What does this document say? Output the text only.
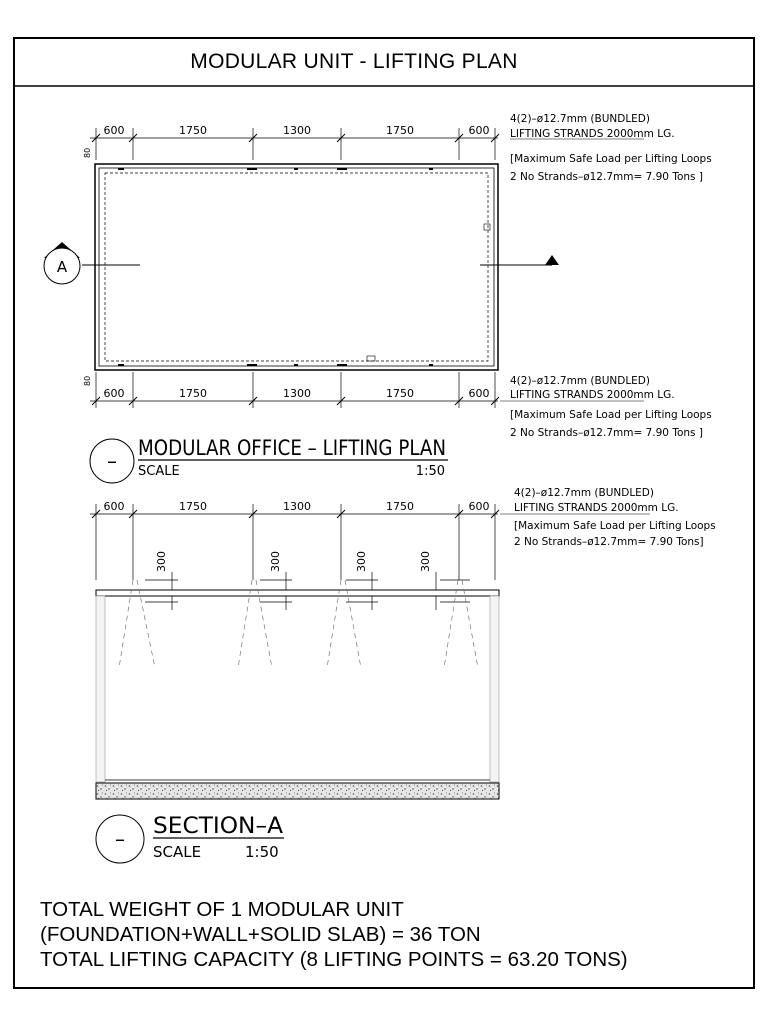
600	1750	1300	1750	600
80
A
600	1750	1300	1750	600
80
4(2)–ø12.7mm (BUNDLED)
LIFTING STRANDS 2000mm LG.
[Maximum Safe Load per Lifting Loops
2 No Strands–ø12.7mm= 7.90 Tons ]
4(2)–ø12.7mm (BUNDLED)
LIFTING STRANDS 2000mm LG.
[Maximum Safe Load per Lifting Loops
2 No Strands–ø12.7mm= 7.90 Tons ]
–
MODULAR OFFICE – LIFTING PLAN
SCALE	1:50
600	1750	1300	1750	600
300	300	300	300
4(2)–ø12.7mm (BUNDLED)
LIFTING STRANDS 2000mm LG.
[Maximum Safe Load per Lifting Loops
2 No Strands–ø12.7mm= 7.90 Tons]
– SECTION–A
SCALE	1:50
MODULAR UNIT - LIFTING PLAN
TOTAL WEIGHT OF 1 MODULAR UNIT
(FOUNDATION+WALL+SOLID SLAB) = 36 TON
TOTAL LIFTING CAPACITY (8 LIFTING POINTS = 63.20 TONS)
